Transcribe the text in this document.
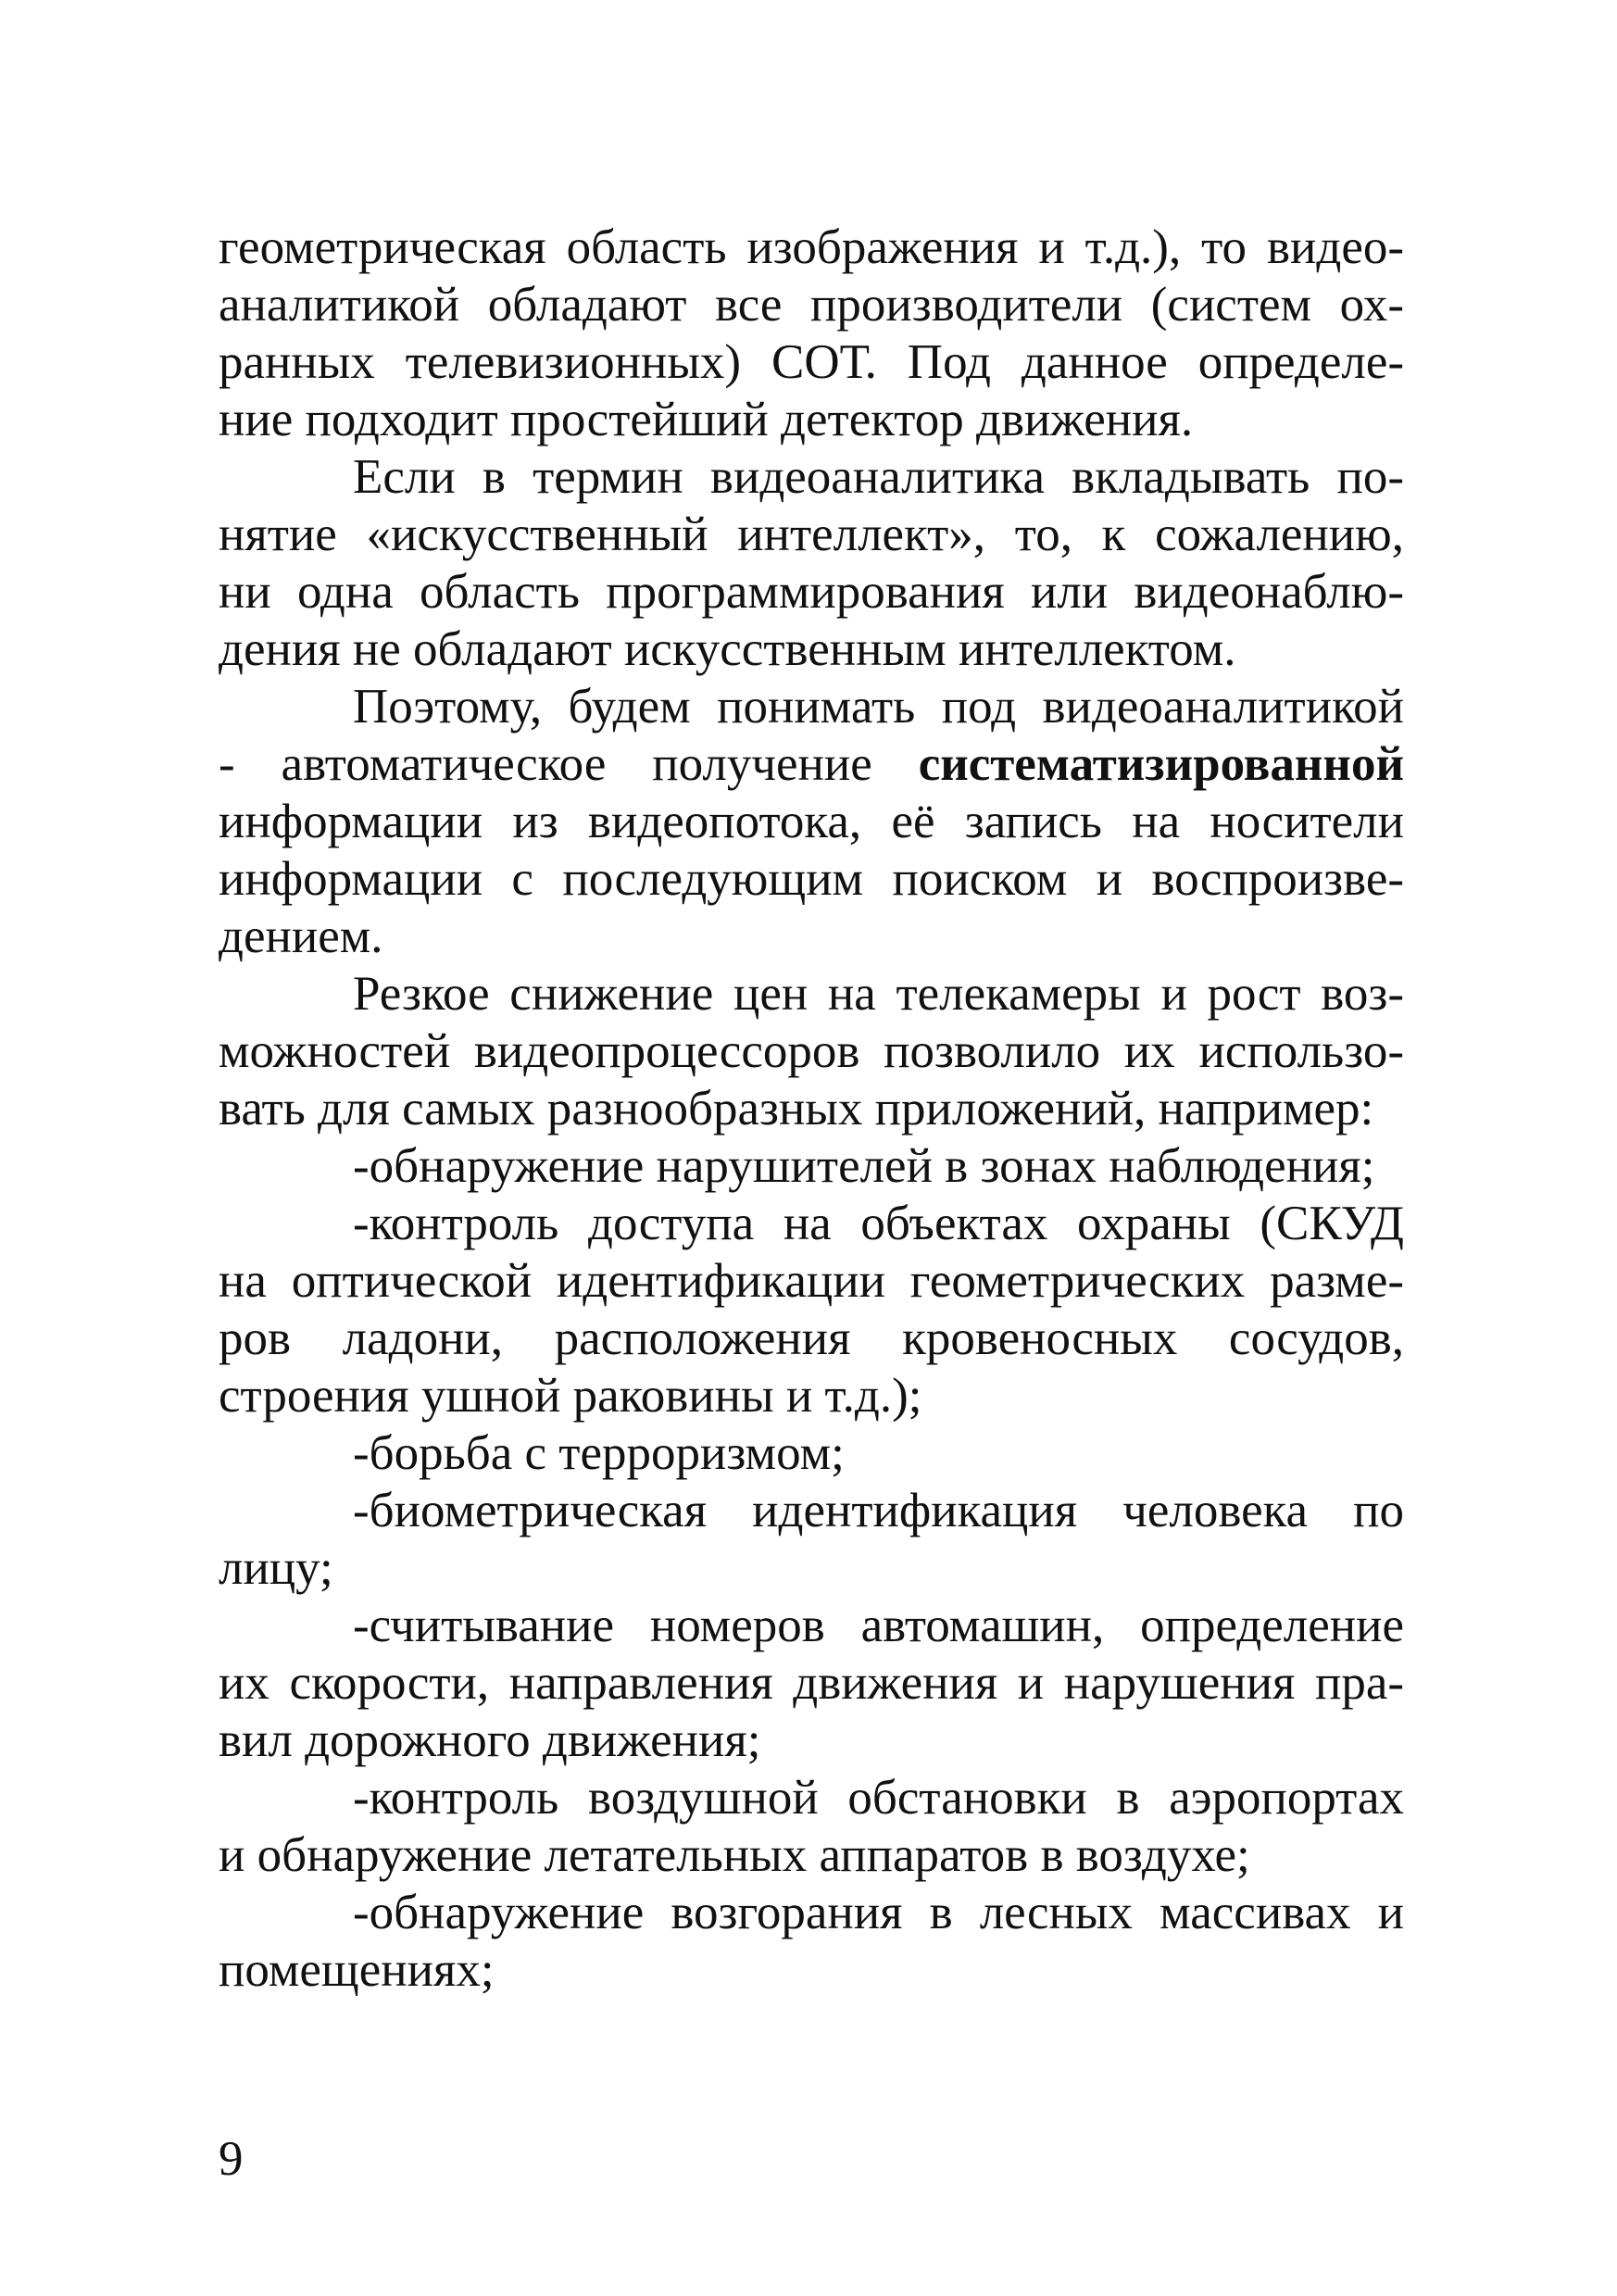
геометрическая область изображения и т.д.), то видео-
аналитикой обладают все производители (систем ох-
ранных телевизионных) СОТ. Под данное определе-
ние подходит простейший детектор движения.
Если в термин видеоаналитика вкладывать по-
нятие «искусственный интеллект», то, к сожалению,
ни одна область программирования или видеонаблю-
дения не обладают искусственным интеллектом.
Поэтому, будем понимать под видеоаналитикой
- автоматическое получение систематизированной
информации из видеопотока, её запись на носители
информации с последующим поиском и воспроизве-
дением.
Резкое снижение цен на телекамеры и рост воз-
можностей видеопроцессоров позволило их использо-
вать для самых разнообразных приложений, например:
-обнаружение нарушителей в зонах наблюдения;
-контроль доступа на объектах охраны (СКУД
на оптической идентификации геометрических разме-
ров ладони, расположения кровеносных сосудов,
строения ушной раковины и т.д.);
-борьба с терроризмом;
-биометрическая идентификация человека по
лицу;
-считывание номеров автомашин, определение
их скорости, направления движения и нарушения пра-
вил дорожного движения;
-контроль воздушной обстановки в аэропортах
и обнаружение летательных аппаратов в воздухе;
-обнаружение возгорания в лесных массивах и
помещениях;
9
